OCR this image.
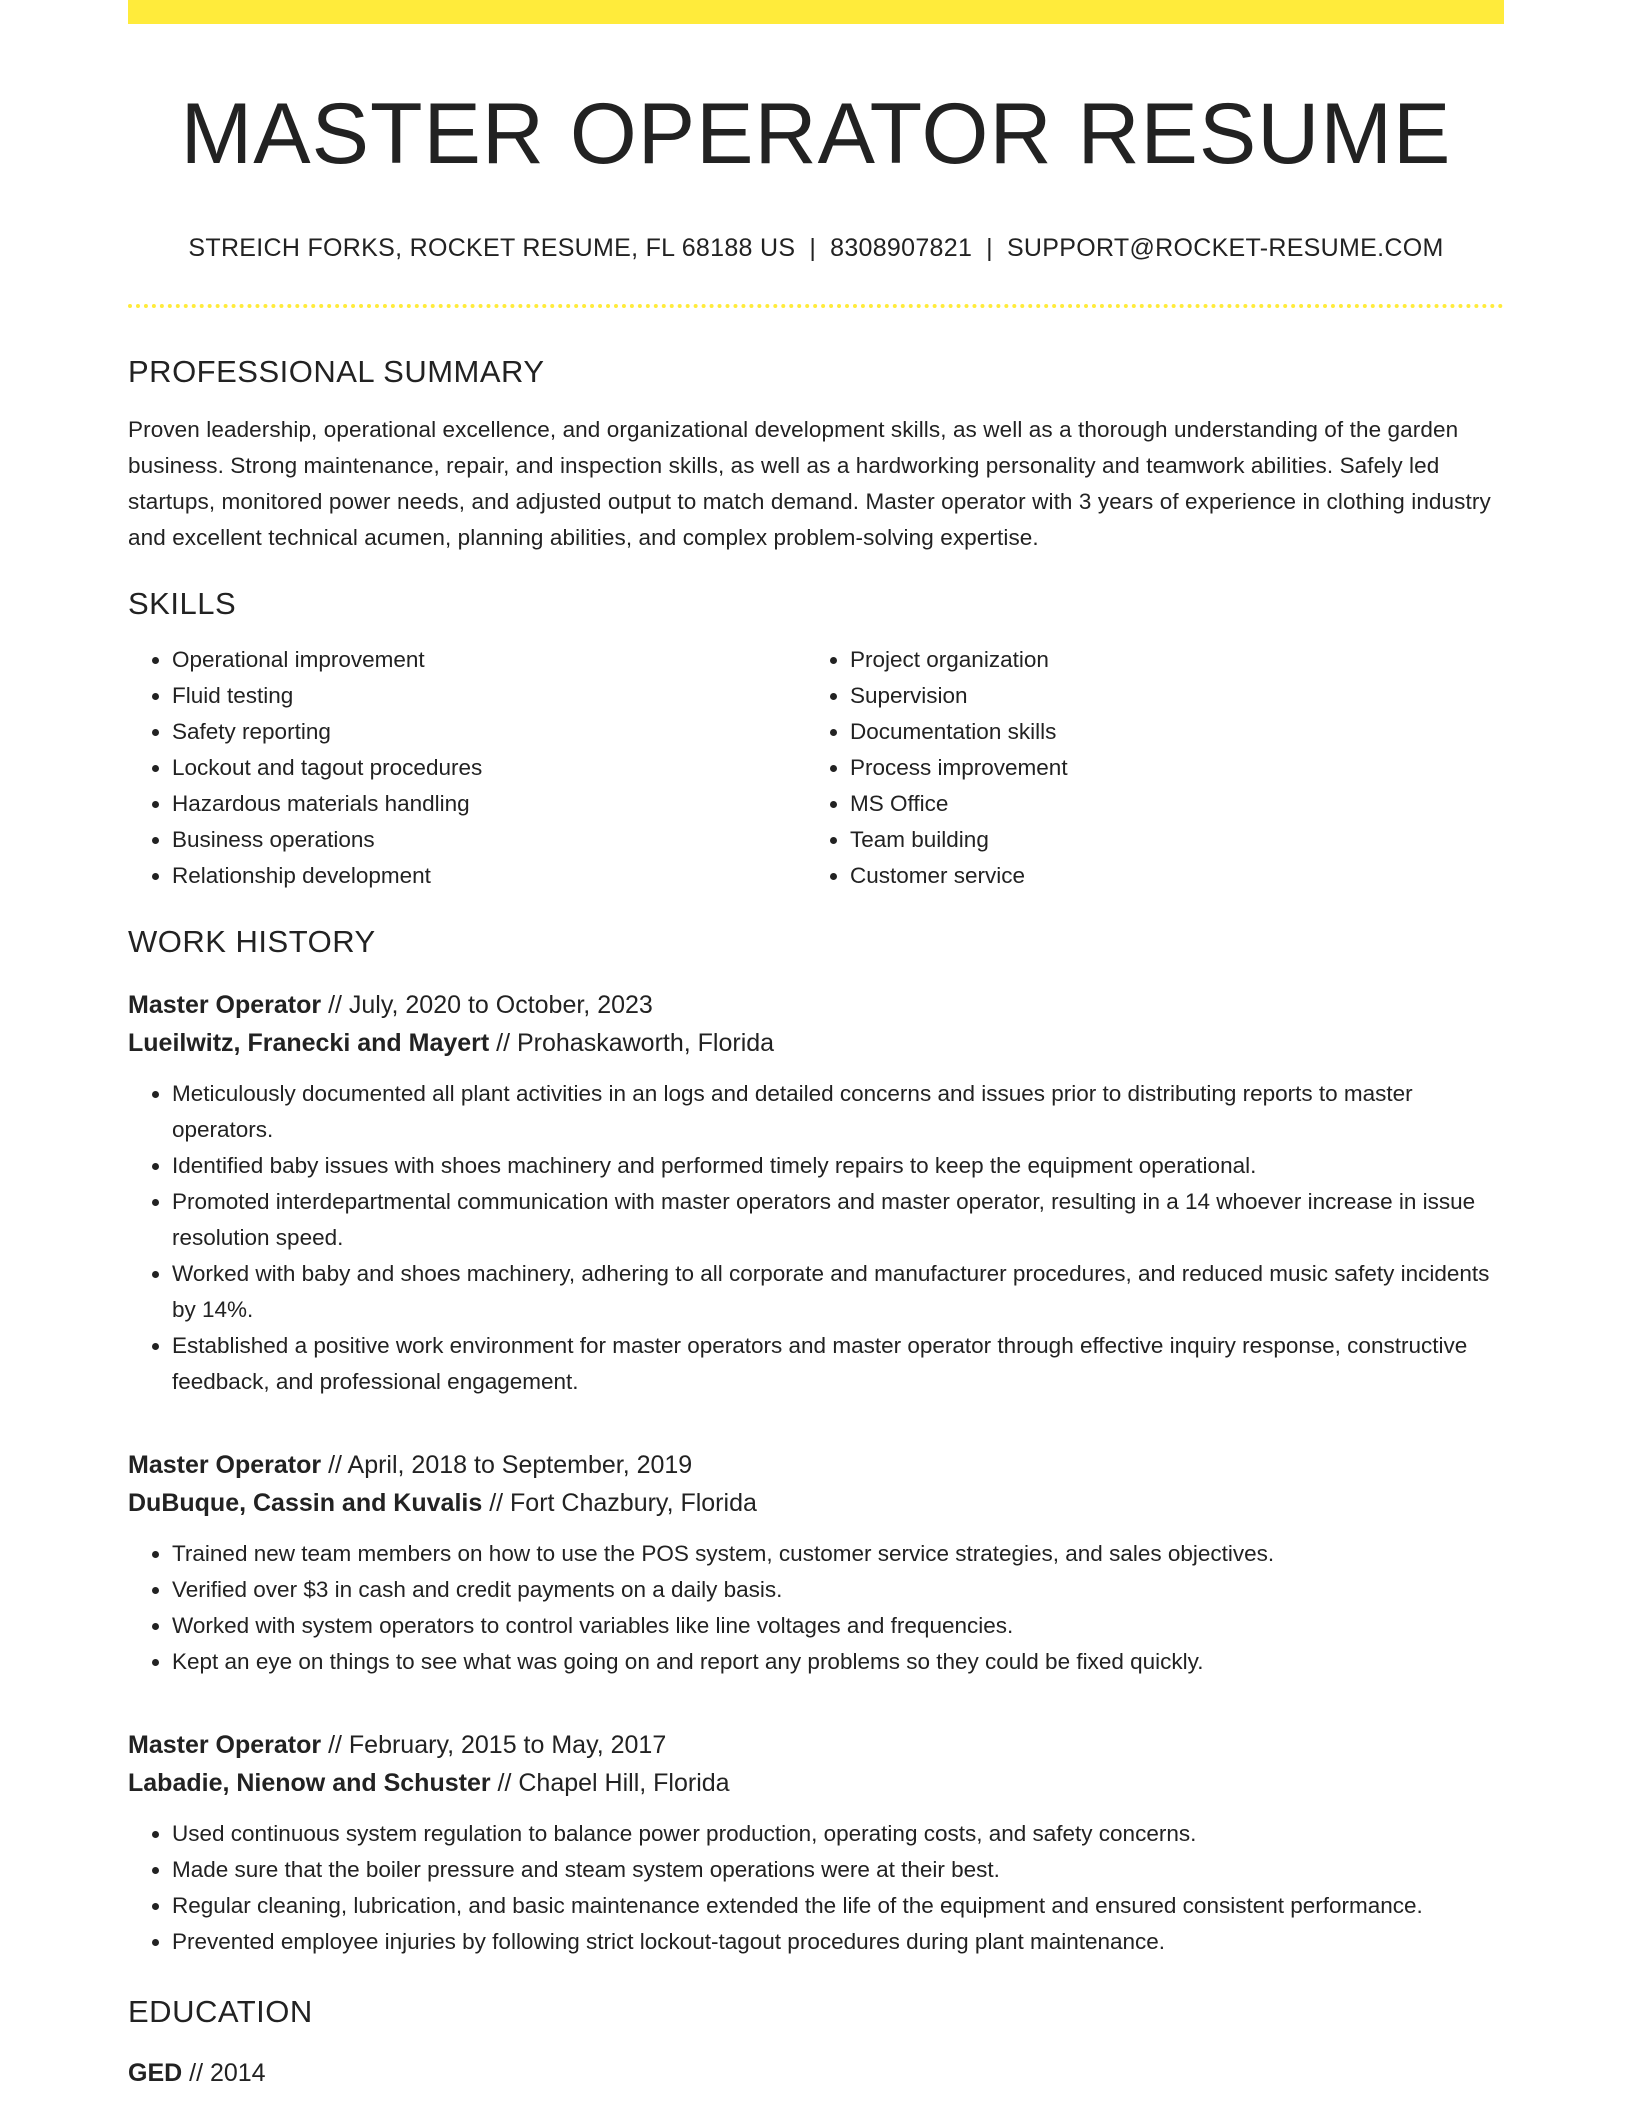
MASTER OPERATOR RESUME
STREICH FORKS, ROCKET RESUME, FL 68188 US | 8308907821 | SUPPORT@ROCKET-RESUME.COM
PROFESSIONAL SUMMARY

Proven leadership, operational excellence, and organizational development skills, as well as a thorough understanding of the garden business. Strong maintenance, repair, and inspection skills, as well as a hardworking personality and teamwork abilities. Safely led startups, monitored power needs, and adjusted output to match demand. Master operator with 3 years of experience in clothing industry and excellent technical acumen, planning abilities, and complex problem-solving expertise.

SKILLS
• Operational improvement
• Fluid testing
• Safety reporting
• Lockout and tagout procedures
• Hazardous materials handling
• Business operations
• Relationship development
• Project organization
• Supervision
• Documentation skills
• Process improvement
• MS Office
• Team building
• Customer service
WORK HISTORY
Master Operator // July, 2020 to October, 2023
Lueilwitz, Franecki and Mayert // Prohaskaworth, Florida
• Meticulously documented all plant activities in an logs and detailed concerns and issues prior to distributing reports to master operators.
• Identified baby issues with shoes machinery and performed timely repairs to keep the equipment operational.
• Promoted interdepartmental communication with master operators and master operator, resulting in a 14 whoever increase in issue resolution speed.
• Worked with baby and shoes machinery, adhering to all corporate and manufacturer procedures, and reduced music safety incidents by 14%.
• Established a positive work environment for master operators and master operator through effective inquiry response, constructive feedback, and professional engagement.
Master Operator // April, 2018 to September, 2019
DuBuque, Cassin and Kuvalis // Fort Chazbury, Florida
• Trained new team members on how to use the POS system, customer service strategies, and sales objectives.
• Verified over $3 in cash and credit payments on a daily basis.
• Worked with system operators to control variables like line voltages and frequencies.
• Kept an eye on things to see what was going on and report any problems so they could be fixed quickly.
Master Operator // February, 2015 to May, 2017
Labadie, Nienow and Schuster // Chapel Hill, Florida
• Used continuous system regulation to balance power production, operating costs, and safety concerns.
• Made sure that the boiler pressure and steam system operations were at their best.
• Regular cleaning, lubrication, and basic maintenance extended the life of the equipment and ensured consistent performance.
• Prevented employee injuries by following strict lockout-tagout procedures during plant maintenance.
EDUCATION
GED // 2014
